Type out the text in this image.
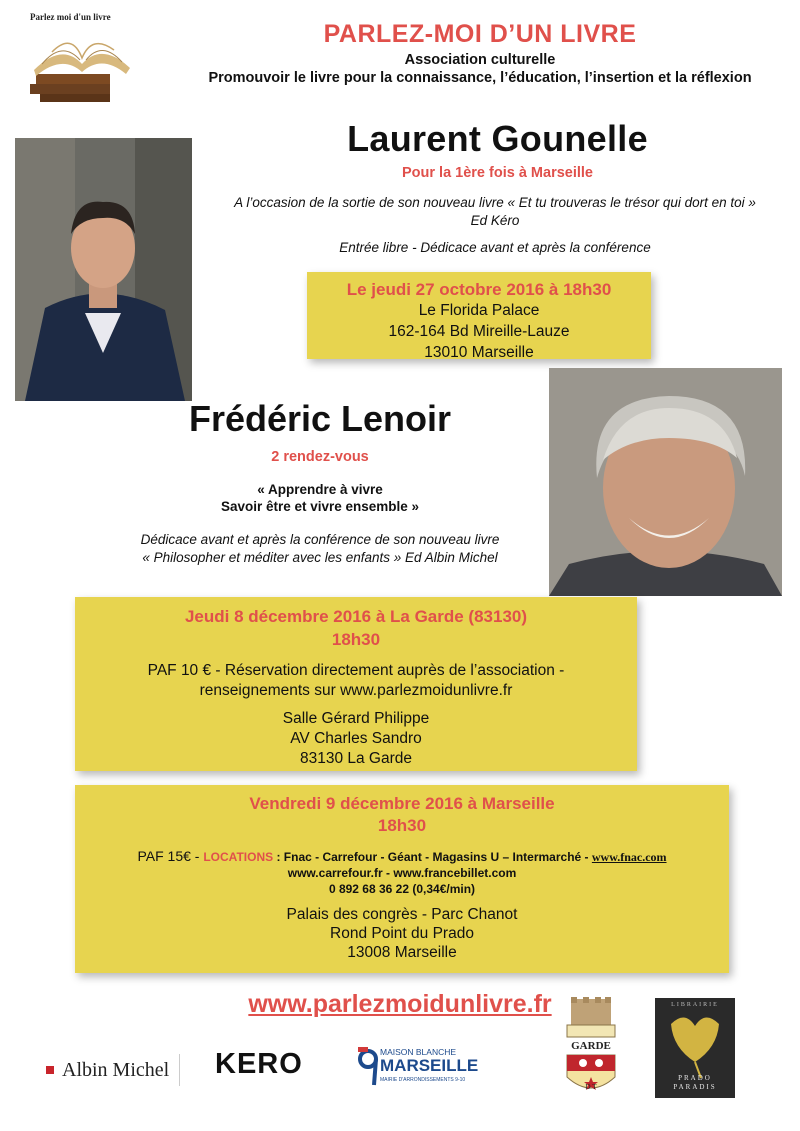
Parlez moi d'un livre
PARLEZ-MOI D’UN LIVRE
Association culturelle
Promouvoir le livre pour la connaissance, l’éducation, l’insertion et la réflexion
Laurent Gounelle
Pour la 1ère fois à Marseille
A l’occasion de la sortie de son nouveau livre « Et tu trouveras le trésor qui dort en toi »
Ed Kéro
Entrée libre - Dédicace avant et après la conférence
Le jeudi 27 octobre 2016 à 18h30
Le Florida Palace
162-164 Bd Mireille-Lauze
13010 Marseille
Frédéric Lenoir
2 rendez-vous
« Apprendre à vivre
Savoir être et vivre ensemble »
Dédicace avant et après la conférence de son nouveau livre
« Philosopher et méditer avec les enfants » Ed Albin Michel
Jeudi 8 décembre 2016 à La Garde (83130)
18h30
PAF 10 € - Réservation directement auprès de l’association -
renseignements sur www.parlezmoidunlivre.fr
Salle Gérard Philippe
AV Charles Sandro
83130 La Garde
Vendredi 9 décembre 2016 à Marseille
18h30
PAF 15€ - LOCATIONS : Fnac - Carrefour - Géant - Magasins U – Intermarché - www.fnac.com
www.carrefour.fr - www.francebillet.com
0 892 68 36 22 (0,34€/min)
Palais des congrès - Parc Chanot
Rond Point du Prado
13008 Marseille
www.parlezmoidunlivre.fr
Albin Michel KERO	MAISON BLANCHE
MARSEILLE
MAIRIE D'ARRONDISSEMENTS 9-10
GARDE
D T
LIBRAIRIE
PRADO
PARADIS
